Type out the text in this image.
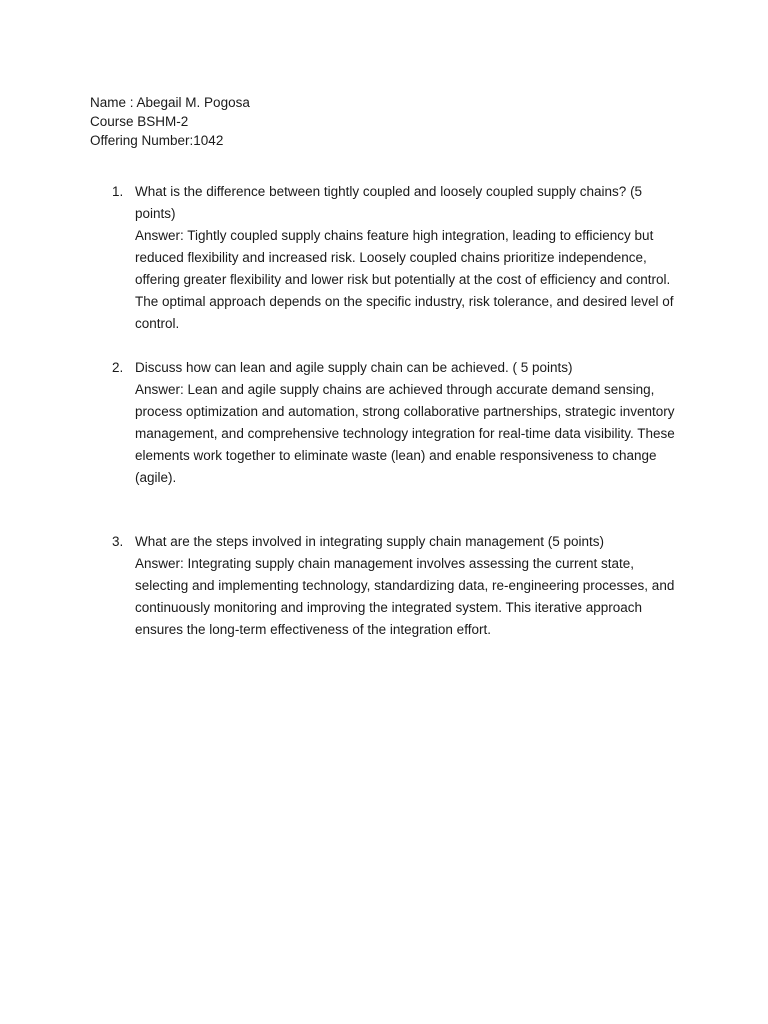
Name : Abegail M. Pogosa
Course BSHM-2
Offering Number:1042
1. What is the difference between tightly coupled and loosely coupled supply chains? (5 points)
Answer: Tightly coupled supply chains feature high integration, leading to efficiency but reduced flexibility and increased risk. Loosely coupled chains prioritize independence, offering greater flexibility and lower risk but potentially at the cost of efficiency and control. The optimal approach depends on the specific industry, risk tolerance, and desired level of control.
2. Discuss how can lean and agile supply chain can be achieved. ( 5 points)
Answer: Lean and agile supply chains are achieved through accurate demand sensing, process optimization and automation, strong collaborative partnerships, strategic inventory management, and comprehensive technology integration for real-time data visibility. These elements work together to eliminate waste (lean) and enable responsiveness to change (agile).
3. What are the steps involved in integrating supply chain management (5 points)
Answer: Integrating supply chain management involves assessing the current state, selecting and implementing technology, standardizing data, re-engineering processes, and continuously monitoring and improving the integrated system. This iterative approach ensures the long-term effectiveness of the integration effort.
